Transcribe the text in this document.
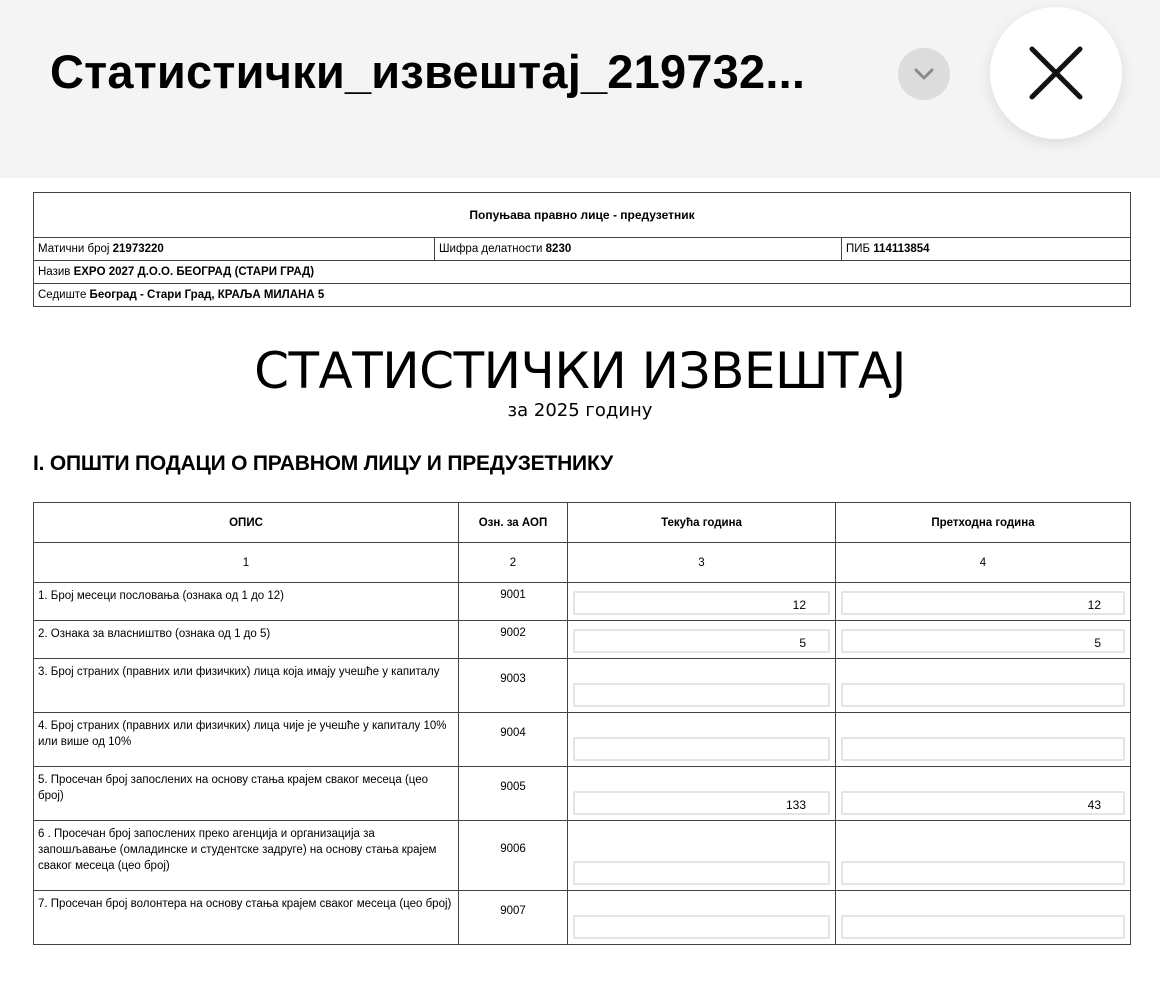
Статистички_извештај_219732...
Попуњава правно лице - предузетник
Матични број 21973220	Шифра делатности 8230	ПИБ 114113854
Назив EXPO 2027 Д.О.О. БЕОГРАД (СТАРИ ГРАД)
Седиште Београд - Стари Град, КРАЉА МИЛАНА 5
СТАТИСТИЧКИ ИЗВЕШТАЈ
за 2025 годину
I. ОПШТИ ПОДАЦИ О ПРАВНОМ ЛИЦУ И ПРЕДУЗЕТНИКУ
ОПИС	Озн. за АОП	Текућа година	Претходна година
1	2	3	4
1. Број месеци пословања (ознака од 1 до 12)	9001	12	12

2. Ознака за власништво (ознака од 1 до 5)	9002	5	5

3. Број страних (правних или физичких) лица која имају учешће у капиталу	9003	

4. Број страних (правних или физичких) лица чије је учешће у капиталу 10% или више од 10%	9004	

5. Просечан број запослених на основу стања крајем сваког месеца (цео број)	9005	133	43

6 . Просечан број запослених преко агенција и организација за запошљавање (омладинске и студентске задруге) на основу стања крајем сваког месеца (цео број)	9006	

7. Просечан број волонтера на основу стања крајем сваког месеца (цео број)	9007	
